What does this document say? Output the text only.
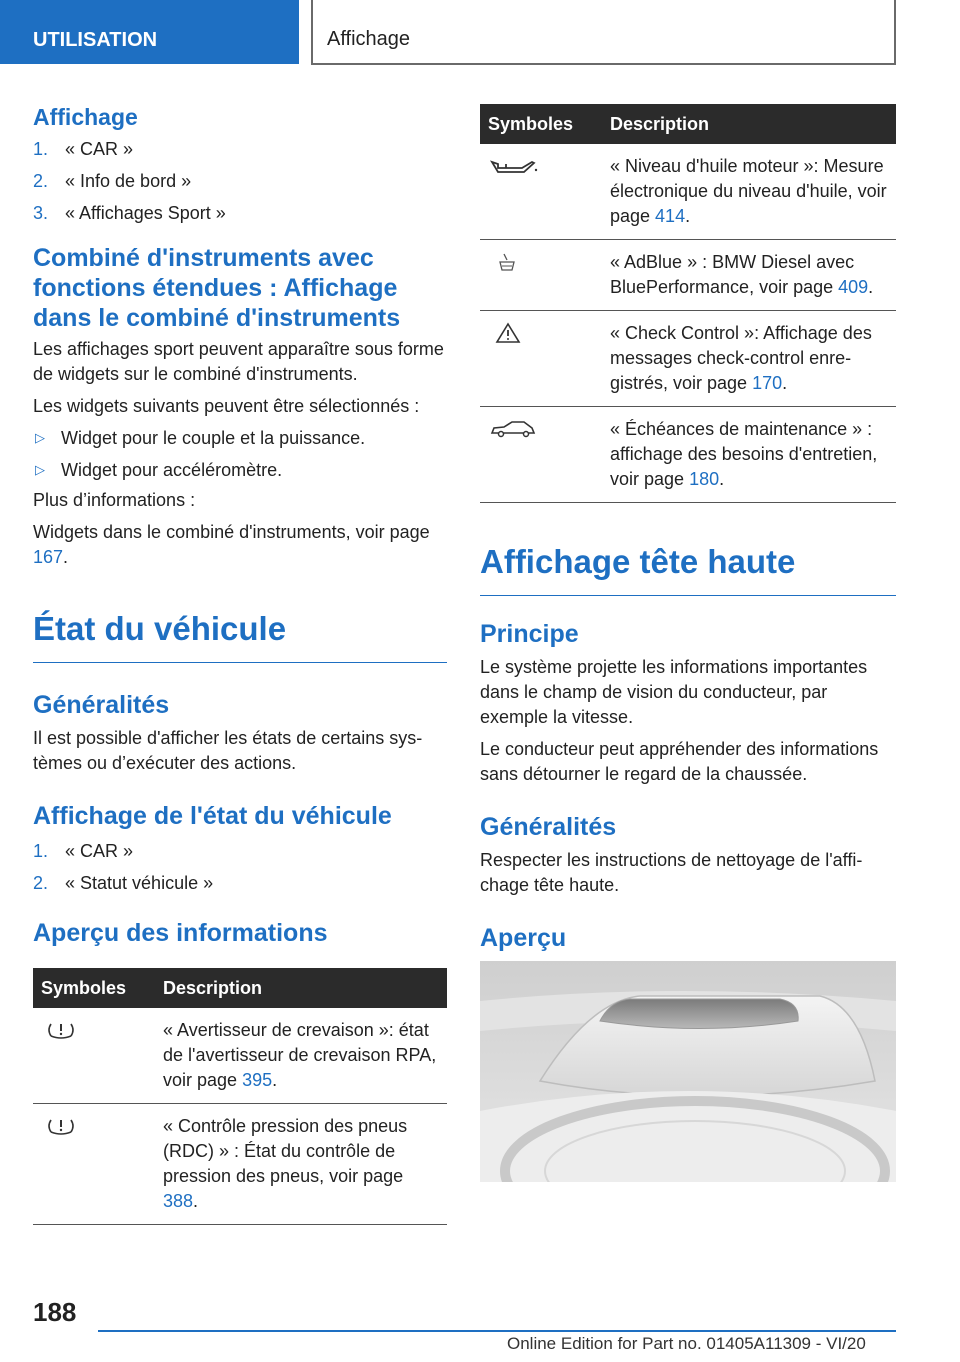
UTILISATION	Affichage
Affichage
1. « CAR »
2. « Info de bord »
3. « Affichages Sport »
Combiné d'instruments avec fonctions étendues : Affichage dans le combiné d'instruments
Les affichages sport peuvent apparaître sous forme de widgets sur le combiné d'instruments.
Les widgets suivants peuvent être sélectionnés :
▷ Widget pour le couple et la puissance.
▷ Widget pour accéléromètre.
Plus d’informations :
Widgets dans le combiné d'instruments, voir page 167.
État du véhicule
Généralités
Il est possible d'afficher les états de certains systèmes ou d’exécuter des actions.
Affichage de l'état du véhicule
1. « CAR »
2. « Statut véhicule »
Aperçu des informations
Symboles	Description
	« Avertisseur de crevaison »: état de l'avertisseur de crevaison RPA, voir page 395.
	« Contrôle pression des pneus (RDC) » : État du contrôle de pression des pneus, voir page 388.
Symboles	Description
	« Niveau d'huile moteur »: Mesure électronique du niveau d'huile, voir page 414.
	« AdBlue » : BMW Diesel avec BluePerformance, voir page 409.
	« Check Control »: Affichage des messages check-control enregistrés, voir page 170.
	« Échéances de maintenance » : affichage des besoins d'entretien, voir page 180.
Affichage tête haute
Principe
Le système projette les informations importantes dans le champ de vision du conducteur, par exemple la vitesse.
Le conducteur peut appréhender des informations sans détourner le regard de la chaussée.
Généralités
Respecter les instructions de nettoyage de l'affichage tête haute.
Aperçu
188
Online Edition for Part no. 01405A11309 - VI/20
